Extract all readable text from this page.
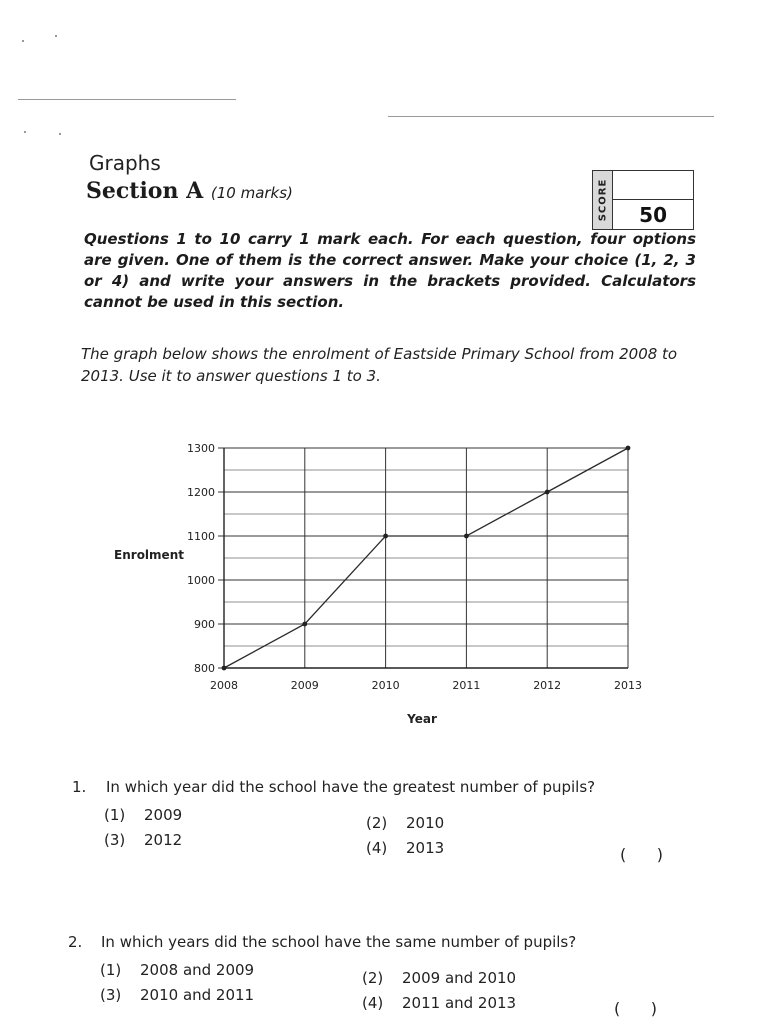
Graphs
Section A (10 marks)	SCORE 50
Questions 1 to 10 carry 1 mark each. For each question, four options are given. One of them is the correct answer. Make your choice (1, 2, 3 or 4) and write your answers in the brackets provided. Calculators cannot be used in this section.
The graph below shows the enrolment of Eastside Primary School from 2008 to 2013. Use it to answer questions 1 to 3.
800
900
1000
1100
1200
1300
2008	2009	2010	2011	2012	2013
Enrolment
Year
1. In which year did the school have the greatest number of pupils?
(1) 2009	(2) 2010
(3) 2012	(4) 2013	(      )
2. In which years did the school have the same number of pupils?
(1) 2008 and 2009	(2) 2009 and 2010
(3) 2010 and 2011	(4) 2011 and 2013	(      )
